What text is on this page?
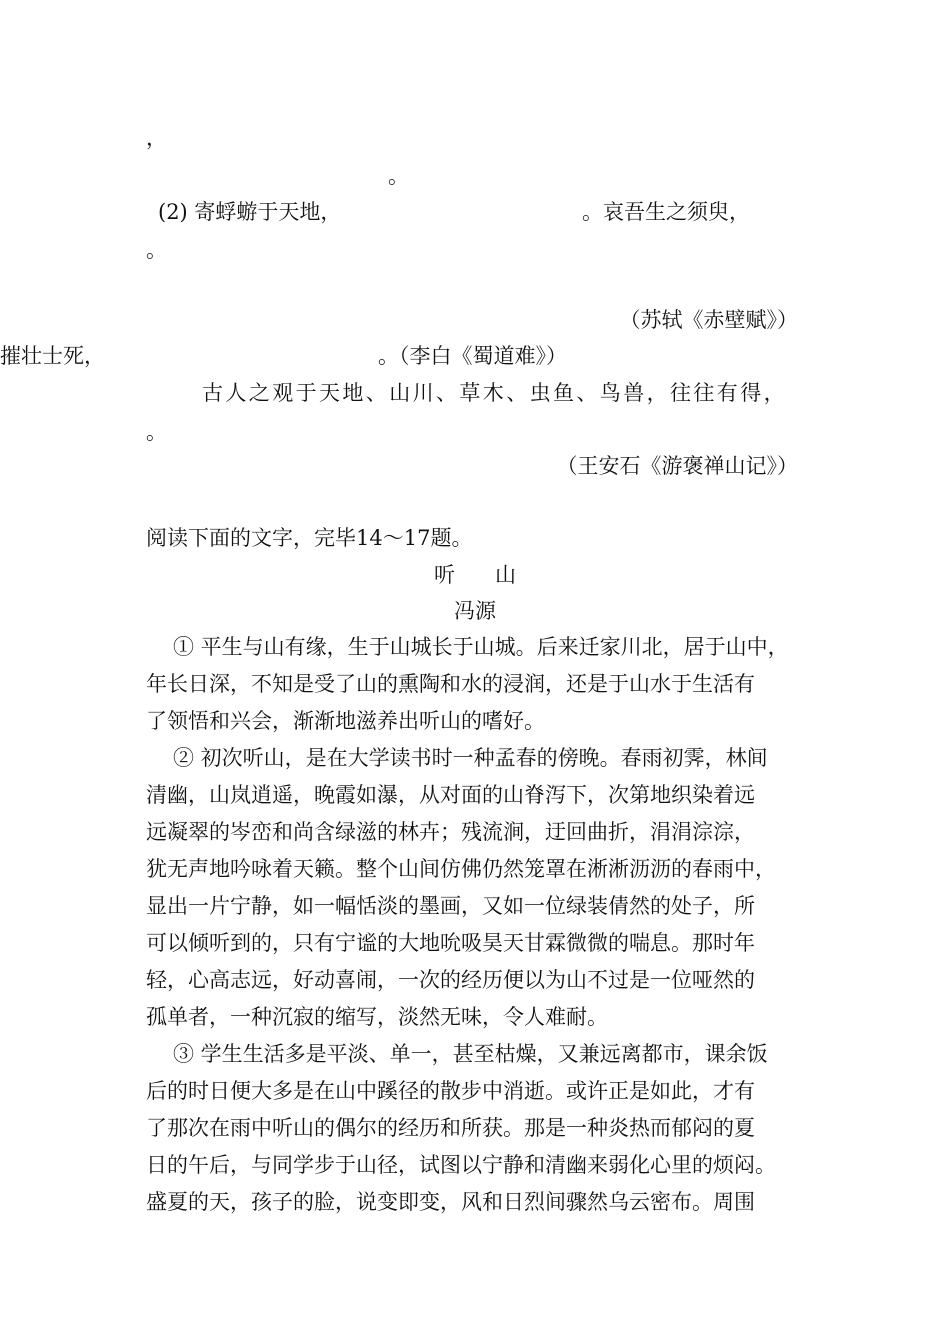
，
。
(2) 寄蜉蝣于天地，	。哀吾生之须臾，
。
（苏轼《赤壁赋》）
摧壮士死，	。（李白《蜀道难》）
古人之观于天地、山川、草木、虫鱼、鸟兽，往往有得，
。
（王安石《游褒禅山记》）
阅读下面的文字，完毕14～17题。
听山
冯源
① 平生与山有缘，生于山城长于山城。后来迁家川北，居于山中，
年长日深，不知是受了山的熏陶和水的浸润，还是于山水于生活有
了领悟和兴会，渐渐地滋养出听山的嗜好。
② 初次听山，是在大学读书时一种孟春的傍晚。春雨初霁，林间
清幽，山岚逍遥，晚霞如瀑，从对面的山脊泻下，次第地织染着远
远凝翠的岑峦和尚含绿滋的林卉；残流涧，迂回曲折，涓涓淙淙，
犹无声地吟咏着天籁。整个山间仿佛仍然笼罩在淅淅沥沥的春雨中，
显出一片宁静，如一幅恬淡的墨画，又如一位绿装倩然的处子，所
可以倾听到的，只有宁谧的大地吮吸昊天甘霖微微的喘息。那时年
轻，心高志远，好动喜闹，一次的经历便以为山不过是一位哑然的
孤单者，一种沉寂的缩写，淡然无味，令人难耐。
③ 学生生活多是平淡、单一，甚至枯燥，又兼远离都市，课余饭
后的时日便大多是在山中蹊径的散步中消逝。或许正是如此，才有
了那次在雨中听山的偶尔的经历和所获。那是一种炎热而郁闷的夏
日的午后，与同学步于山径，试图以宁静和清幽来弱化心里的烦闷。
盛夏的天，孩子的脸，说变即变，风和日烈间骤然乌云密布。周围
